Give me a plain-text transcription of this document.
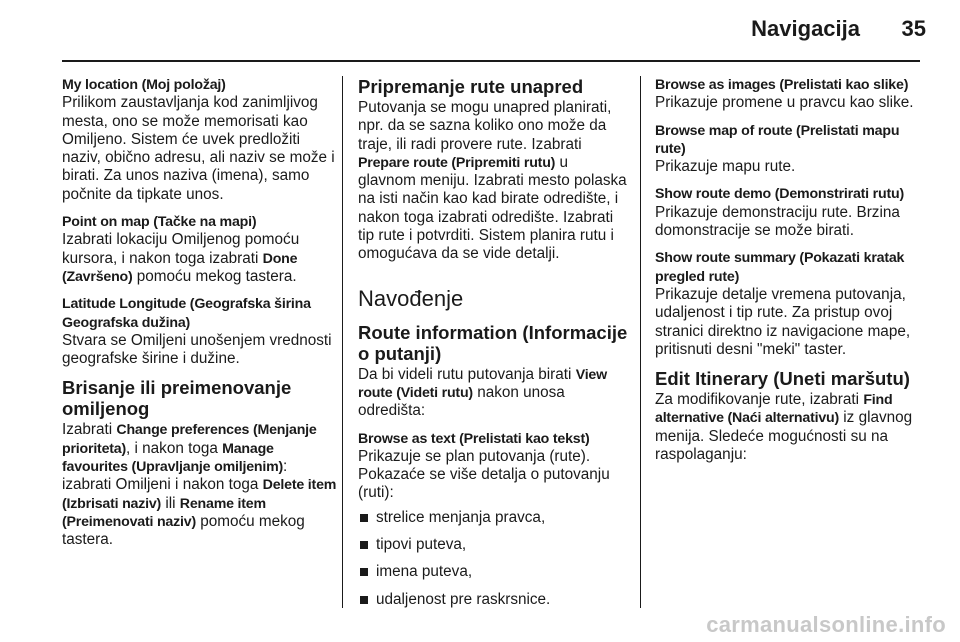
Navigacija	35
My location (Moj položaj)
Prilikom zaustavljanja kod zanimljivog mesta, ono se može memorisati kao Omiljeno. Sistem će uvek predložiti naziv, obično adresu, ali naziv se može i birati. Za unos naziva (imena), samo počnite da tipkate unos.
Point on map (Tačke na mapi)
Izabrati lokaciju Omiljenog pomoću kursora, i nakon toga izabrati Done (Završeno) pomoću mekog tastera.
Latitude Longitude (Geografska širina Geografska dužina)
Stvara se Omiljeni unošenjem vrednosti geografske širine i dužine.
Brisanje ili preimenovanje omiljenog
Izabrati Change preferences (Menjanje prioriteta), i nakon toga Manage favourites (Upravljanje omiljenim): izabrati Omiljeni i nakon toga Delete item (Izbrisati naziv) ili Rename item (Preimenovati naziv) pomoću mekog tastera.
Pripremanje rute unapred
Putovanja se mogu unapred planirati, npr. da se sazna koliko ono može da traje, ili radi provere rute. Izabrati Prepare route (Pripremiti rutu) u glavnom meniju. Izabrati mesto polaska na isti način kao kad birate odredište, i nakon toga izabrati odredište. Izabrati tip rute i potvrditi. Sistem planira rutu i omogućava da se vide detalji.
Navođenje
Route information (Informacije o putanji)
Da bi videli rutu putovanja birati View route (Videti rutu) nakon unosa odredišta:
Browse as text (Prelistati kao tekst)
Prikazuje se plan putovanja (rute). Pokazaće se više detalja o putovanju (ruti):
strelice menjanja pravca,
tipovi puteva,
imena puteva,
udaljenost pre raskrsnice.
Browse as images (Prelistati kao slike)
Prikazuje promene u pravcu kao slike.
Browse map of route (Prelistati mapu rute)
Prikazuje mapu rute.
Show route demo (Demonstrirati rutu)
Prikazuje demonstraciju rute. Brzina domonstracije se može birati.
Show route summary (Pokazati kratak pregled rute)
Prikazuje detalje vremena putovanja, udaljenost i tip rute. Za pristup ovoj stranici direktno iz navigacione mape, pritisnuti desni "meki" taster.
Edit Itinerary (Uneti maršutu)
Za modifikovanje rute, izabrati Find alternative (Naći alternativu) iz glavnog menija. Sledeće mogućnosti su na raspolaganju:
carmanualsonline.info
